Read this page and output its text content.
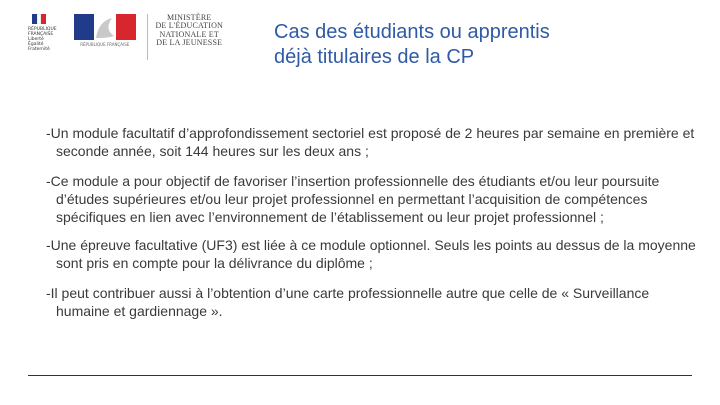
RÉPUBLIQUE
FRANÇAISE
Liberté
Égalité
Fraternité
RÉPUBLIQUE FRANÇAISE
MINISTÈRE
DE L'ÉDUCATION
NATIONALE ET
DE LA JEUNESSE	Cas des étudiants ou apprentis
déjà titulaires de la CP

-Un module facultatif d’approfondissement sectoriel est proposé de 2 heures par semaine en première et seconde année, soit 144 heures sur les deux ans ;

-Ce module a pour objectif de favoriser l’insertion professionnelle des étudiants et/ou leur poursuite d’études supérieures et/ou leur projet professionnel en permettant l’acquisition de compétences spécifiques en lien avec l’environnement de l’établissement ou leur projet professionnel ;

-Une épreuve facultative (UF3) est liée à ce module optionnel. Seuls les points au dessus de la moyenne sont pris en compte pour la délivrance du diplôme ;

-Il peut contribuer aussi à l’obtention d’une carte professionnelle autre que celle de « Surveillance humaine et gardiennage ».
